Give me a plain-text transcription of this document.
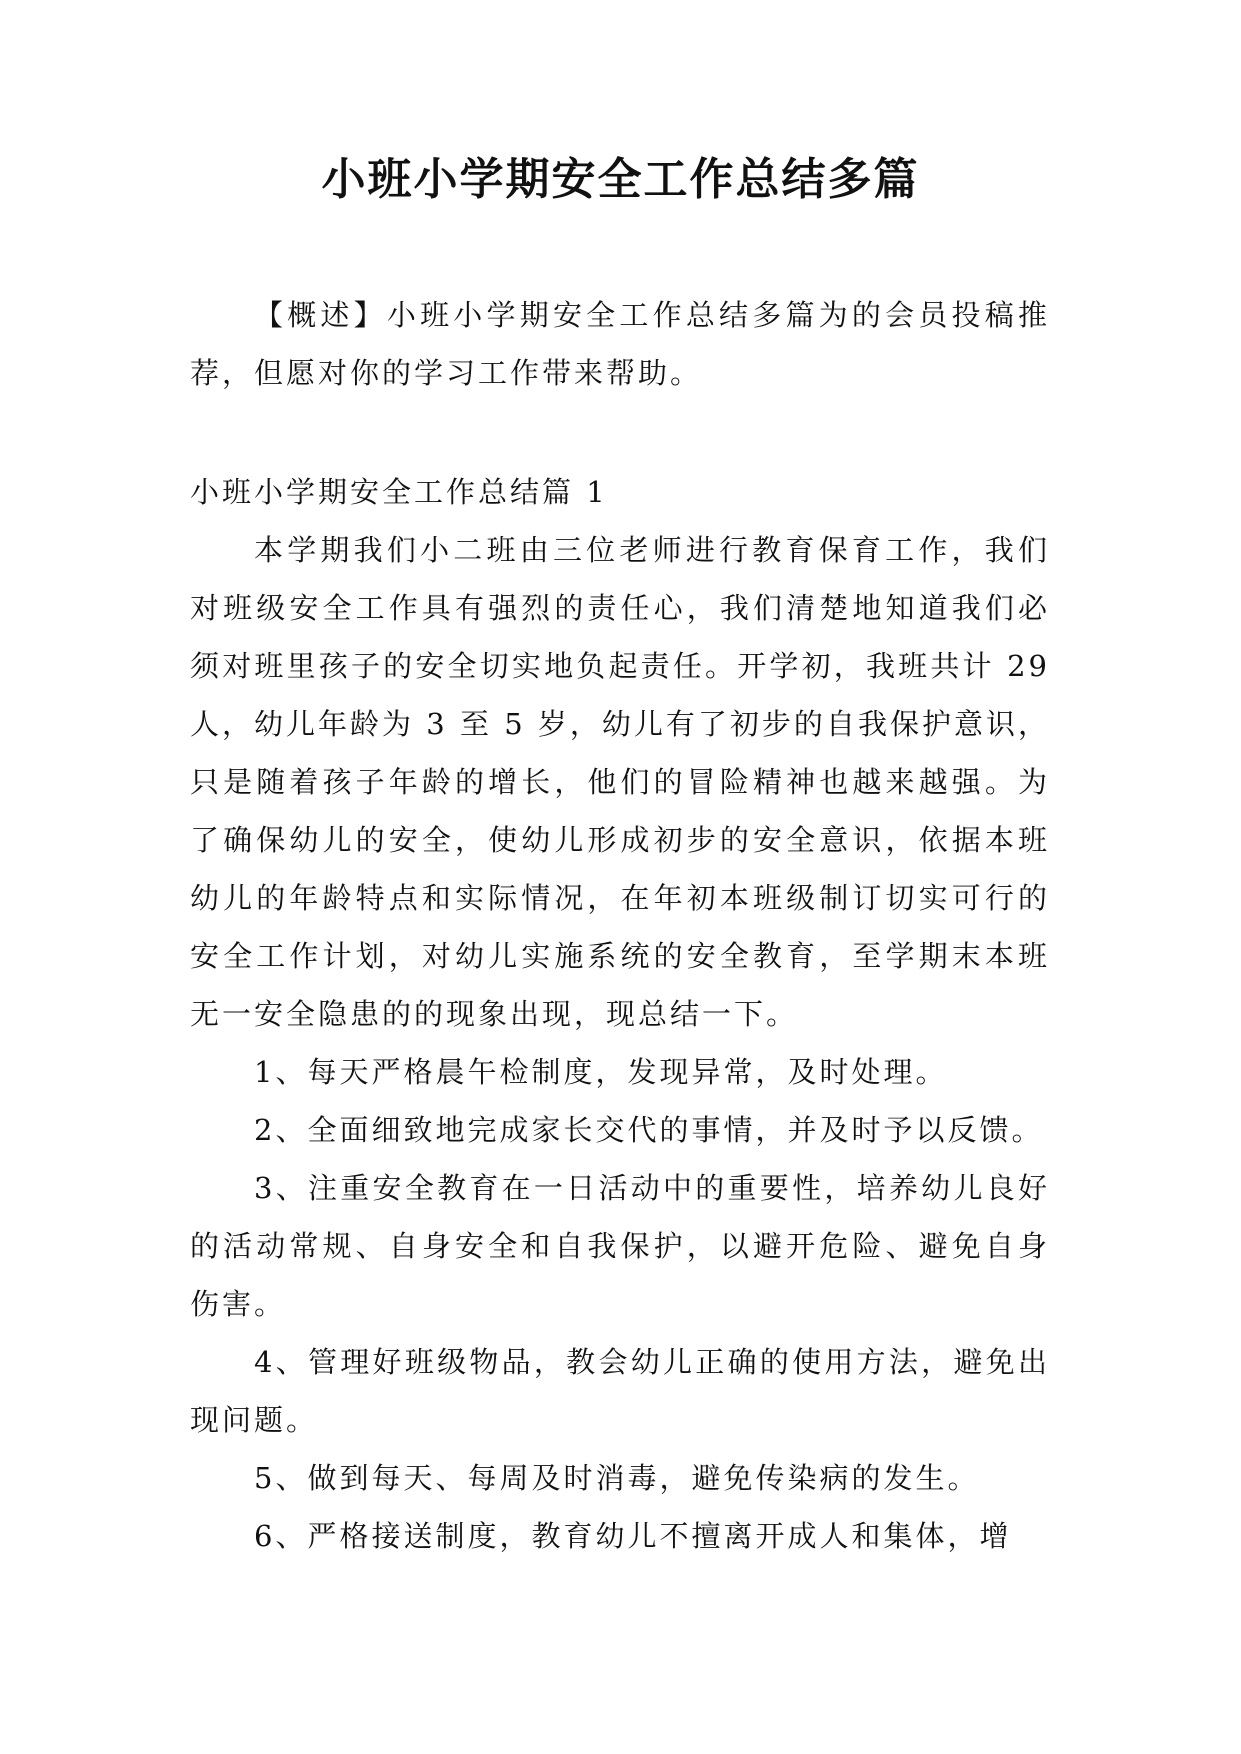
小班小学期安全工作总结多篇

【概述】小班小学期安全工作总结多篇为的会员投稿推荐，但愿对你的学习工作带来帮助。

小班小学期安全工作总结篇 1

本学期我们小二班由三位老师进行教育保育工作，我们对班级安全工作具有强烈的责任心，我们清楚地知道我们必须对班里孩子的安全切实地负起责任。开学初，我班共计 29 人，幼儿年龄为 3 至 5 岁，幼儿有了初步的自我保护意识，只是随着孩子年龄的增长，他们的冒险精神也越来越强。为了确保幼儿的安全，使幼儿形成初步的安全意识，依据本班幼儿的年龄特点和实际情况，在年初本班级制订切实可行的安全工作计划，对幼儿实施系统的安全教育，至学期末本班无一安全隐患的的现象出现，现总结一下。

1、每天严格晨午检制度，发现异常，及时处理。

2、全面细致地完成家长交代的事情，并及时予以反馈。

3、注重安全教育在一日活动中的重要性，培养幼儿良好的活动常规、自身安全和自我保护，以避开危险、避免自身伤害。

4、管理好班级物品，教会幼儿正确的使用方法，避免出现问题。

5、做到每天、每周及时消毒，避免传染病的发生。

6、严格接送制度，教育幼儿不擅离开成人和集体，增
